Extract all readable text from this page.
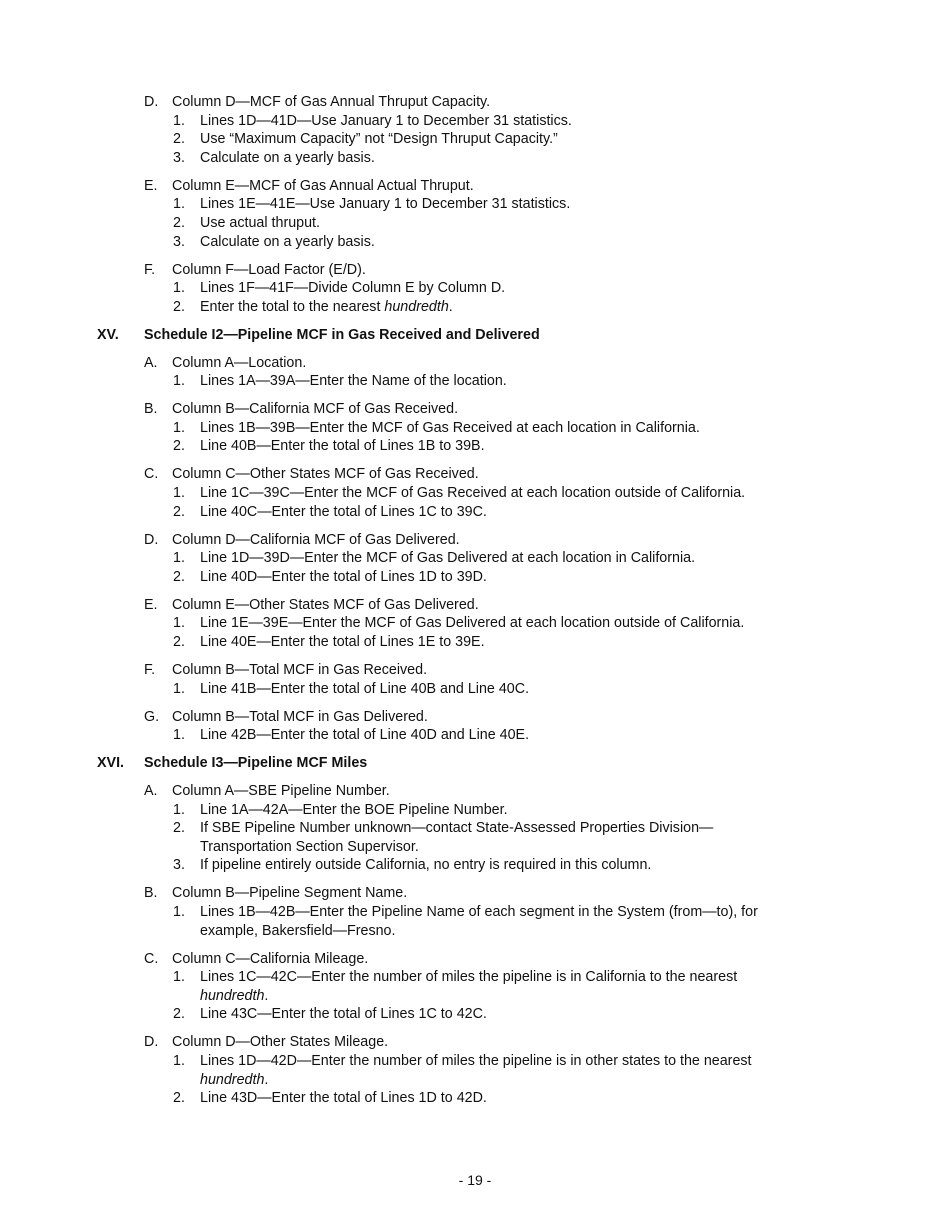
D. Column D—MCF of Gas Annual Thruput Capacity.
1. Lines 1D—41D—Use January 1 to December 31 statistics.
2. Use “Maximum Capacity” not “Design Thruput Capacity.”
3. Calculate on a yearly basis.
E. Column E—MCF of Gas Annual Actual Thruput.
1. Lines 1E—41E—Use January 1 to December 31 statistics.
2. Use actual thruput.
3. Calculate on a yearly basis.
F. Column F—Load Factor (E/D).
1. Lines 1F—41F—Divide Column E by Column D.
2. Enter the total to the nearest hundredth.
XV. Schedule I2—Pipeline MCF in Gas Received and Delivered
A. Column A—Location.
1. Lines 1A—39A—Enter the Name of the location.
B. Column B—California MCF of Gas Received.
1. Lines 1B—39B—Enter the MCF of Gas Received at each location in California.
2. Line 40B—Enter the total of Lines 1B to 39B.
C. Column C—Other States MCF of Gas Received.
1. Line 1C—39C—Enter the MCF of Gas Received at each location outside of California.
2. Line 40C—Enter the total of Lines 1C to 39C.
D. Column D—California MCF of Gas Delivered.
1. Line 1D—39D—Enter the MCF of Gas Delivered at each location in California.
2. Line 40D—Enter the total of Lines 1D to 39D.
E. Column E—Other States MCF of Gas Delivered.
1. Line 1E—39E—Enter the MCF of Gas Delivered at each location outside of California.
2. Line 40E—Enter the total of Lines 1E to 39E.
F. Column B—Total MCF in Gas Received.
1. Line 41B—Enter the total of Line 40B and Line 40C.
G. Column B—Total MCF in Gas Delivered.
1. Line 42B—Enter the total of Line 40D and Line 40E.
XVI. Schedule I3—Pipeline MCF Miles
A. Column A—SBE Pipeline Number.
1. Line 1A—42A—Enter the BOE Pipeline Number.
2. If SBE Pipeline Number unknown—contact State-Assessed Properties Division—
Transportation Section Supervisor.
3. If pipeline entirely outside California, no entry is required in this column.
B. Column B—Pipeline Segment Name.
1. Lines 1B—42B—Enter the Pipeline Name of each segment in the System (from—to), for
example, Bakersfield—Fresno.
C. Column C—California Mileage.
1. Lines 1C—42C—Enter the number of miles the pipeline is in California to the nearest
hundredth.
2. Line 43C—Enter the total of Lines 1C to 42C.
D. Column D—Other States Mileage.
1. Lines 1D—42D—Enter the number of miles the pipeline is in other states to the nearest
hundredth.
2. Line 43D—Enter the total of Lines 1D to 42D.
- 19 -
